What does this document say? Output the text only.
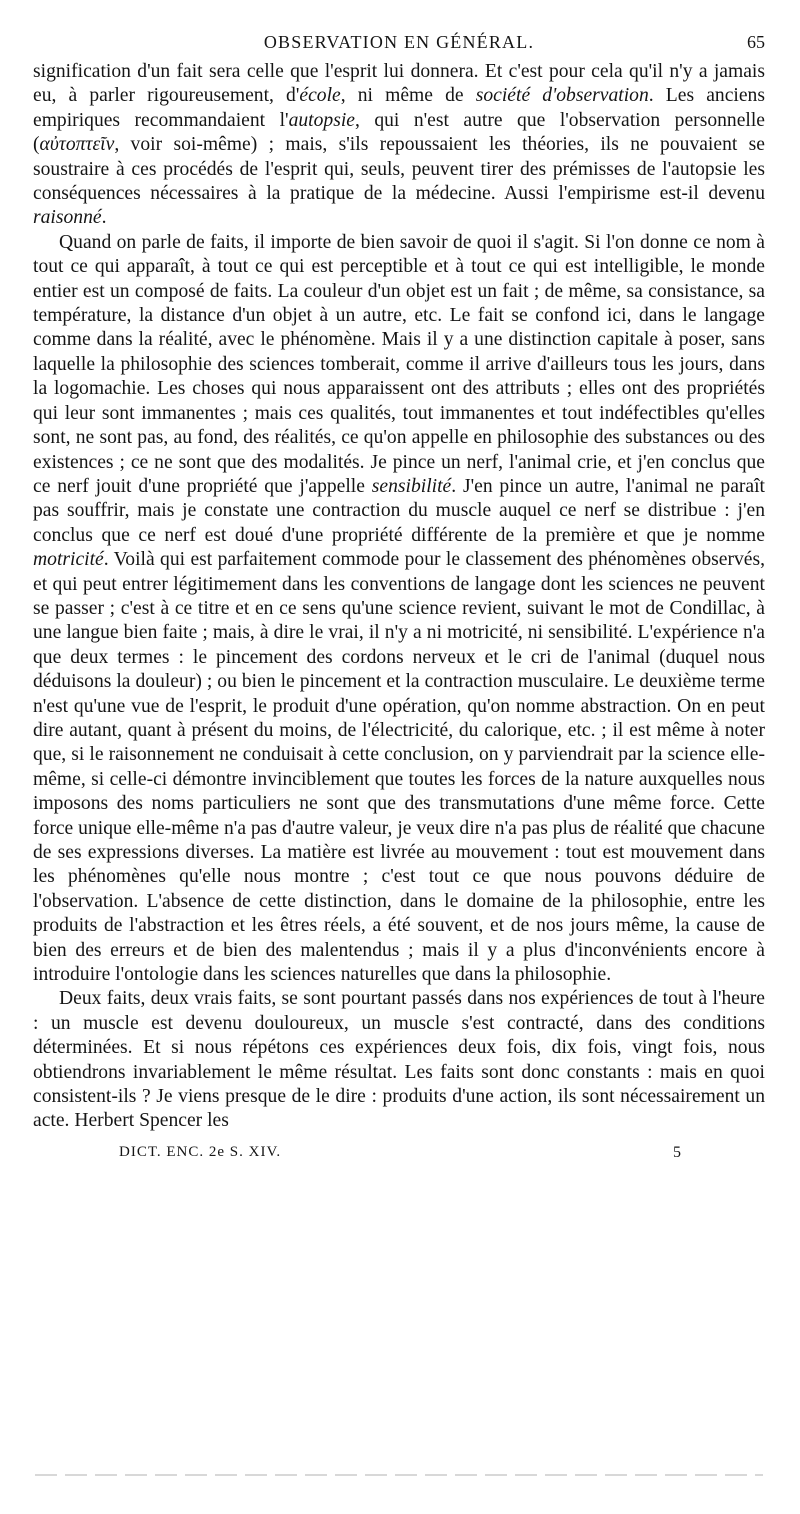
OBSERVATION EN GÉNÉRAL.	65

signification d'un fait sera celle que l'esprit lui donnera. Et c'est pour cela qu'il n'y a jamais eu, à parler rigoureusement, d'école, ni même de société d'observation. Les anciens empiriques recommandaient l'autopsie, qui n'est autre que l'observation personnelle (αὐτοπτεῖν, voir soi-même) ; mais, s'ils repoussaient les théories, ils ne pouvaient se soustraire à ces procédés de l'esprit qui, seuls, peuvent tirer des prémisses de l'autopsie les conséquences nécessaires à la pratique de la médecine. Aussi l'empirisme est-il devenu raisonné.

Quand on parle de faits, il importe de bien savoir de quoi il s'agit. Si l'on donne ce nom à tout ce qui apparaît, à tout ce qui est perceptible et à tout ce qui est intelligible, le monde entier est un composé de faits. La couleur d'un objet est un fait ; de même, sa consistance, sa température, la distance d'un objet à un autre, etc. Le fait se confond ici, dans le langage comme dans la réalité, avec le phénomène. Mais il y a une distinction capitale à poser, sans laquelle la philosophie des sciences tomberait, comme il arrive d'ailleurs tous les jours, dans la logomachie. Les choses qui nous apparaissent ont des attributs ; elles ont des propriétés qui leur sont immanentes ; mais ces qualités, tout immanentes et tout indéfectibles qu'elles sont, ne sont pas, au fond, des réalités, ce qu'on appelle en philosophie des substances ou des existences ; ce ne sont que des modalités. Je pince un nerf, l'animal crie, et j'en conclus que ce nerf jouit d'une propriété que j'appelle sensibilité. J'en pince un autre, l'animal ne paraît pas souffrir, mais je constate une contraction du muscle auquel ce nerf se distribue : j'en conclus que ce nerf est doué d'une propriété différente de la première et que je nomme motricité. Voilà qui est parfaitement commode pour le classement des phénomènes observés, et qui peut entrer légitimement dans les conventions de langage dont les sciences ne peuvent se passer ; c'est à ce titre et en ce sens qu'une science revient, suivant le mot de Condillac, à une langue bien faite ; mais, à dire le vrai, il n'y a ni motricité, ni sensibilité. L'expérience n'a que deux termes : le pincement des cordons nerveux et le cri de l'animal (duquel nous déduisons la douleur) ; ou bien le pincement et la contraction musculaire. Le deuxième terme n'est qu'une vue de l'esprit, le produit d'une opération, qu'on nomme abstraction. On en peut dire autant, quant à présent du moins, de l'électricité, du calorique, etc. ; il est même à noter que, si le raisonnement ne conduisait à cette conclusion, on y parviendrait par la science elle-même, si celle-ci démontre invinciblement que toutes les forces de la nature auxquelles nous imposons des noms particuliers ne sont que des transmutations d'une même force. Cette force unique elle-même n'a pas d'autre valeur, je veux dire n'a pas plus de réalité que chacune de ses expressions diverses. La matière est livrée au mouvement : tout est mouvement dans les phénomènes qu'elle nous montre ; c'est tout ce que nous pouvons déduire de l'observation. L'absence de cette distinction, dans le domaine de la philosophie, entre les produits de l'abstraction et les êtres réels, a été souvent, et de nos jours même, la cause de bien des erreurs et de bien des malentendus ; mais il y a plus d'inconvénients encore à introduire l'ontologie dans les sciences naturelles que dans la philosophie.

Deux faits, deux vrais faits, se sont pourtant passés dans nos expériences de tout à l'heure : un muscle est devenu douloureux, un muscle s'est contracté, dans des conditions déterminées. Et si nous répétons ces expériences deux fois, dix fois, vingt fois, nous obtiendrons invariablement le même résultat. Les faits sont donc constants : mais en quoi consistent-ils ? Je viens presque de le dire : produits d'une action, ils sont nécessairement un acte. Herbert Spencer les

DICT. ENC. 2e S. XIV.	5
